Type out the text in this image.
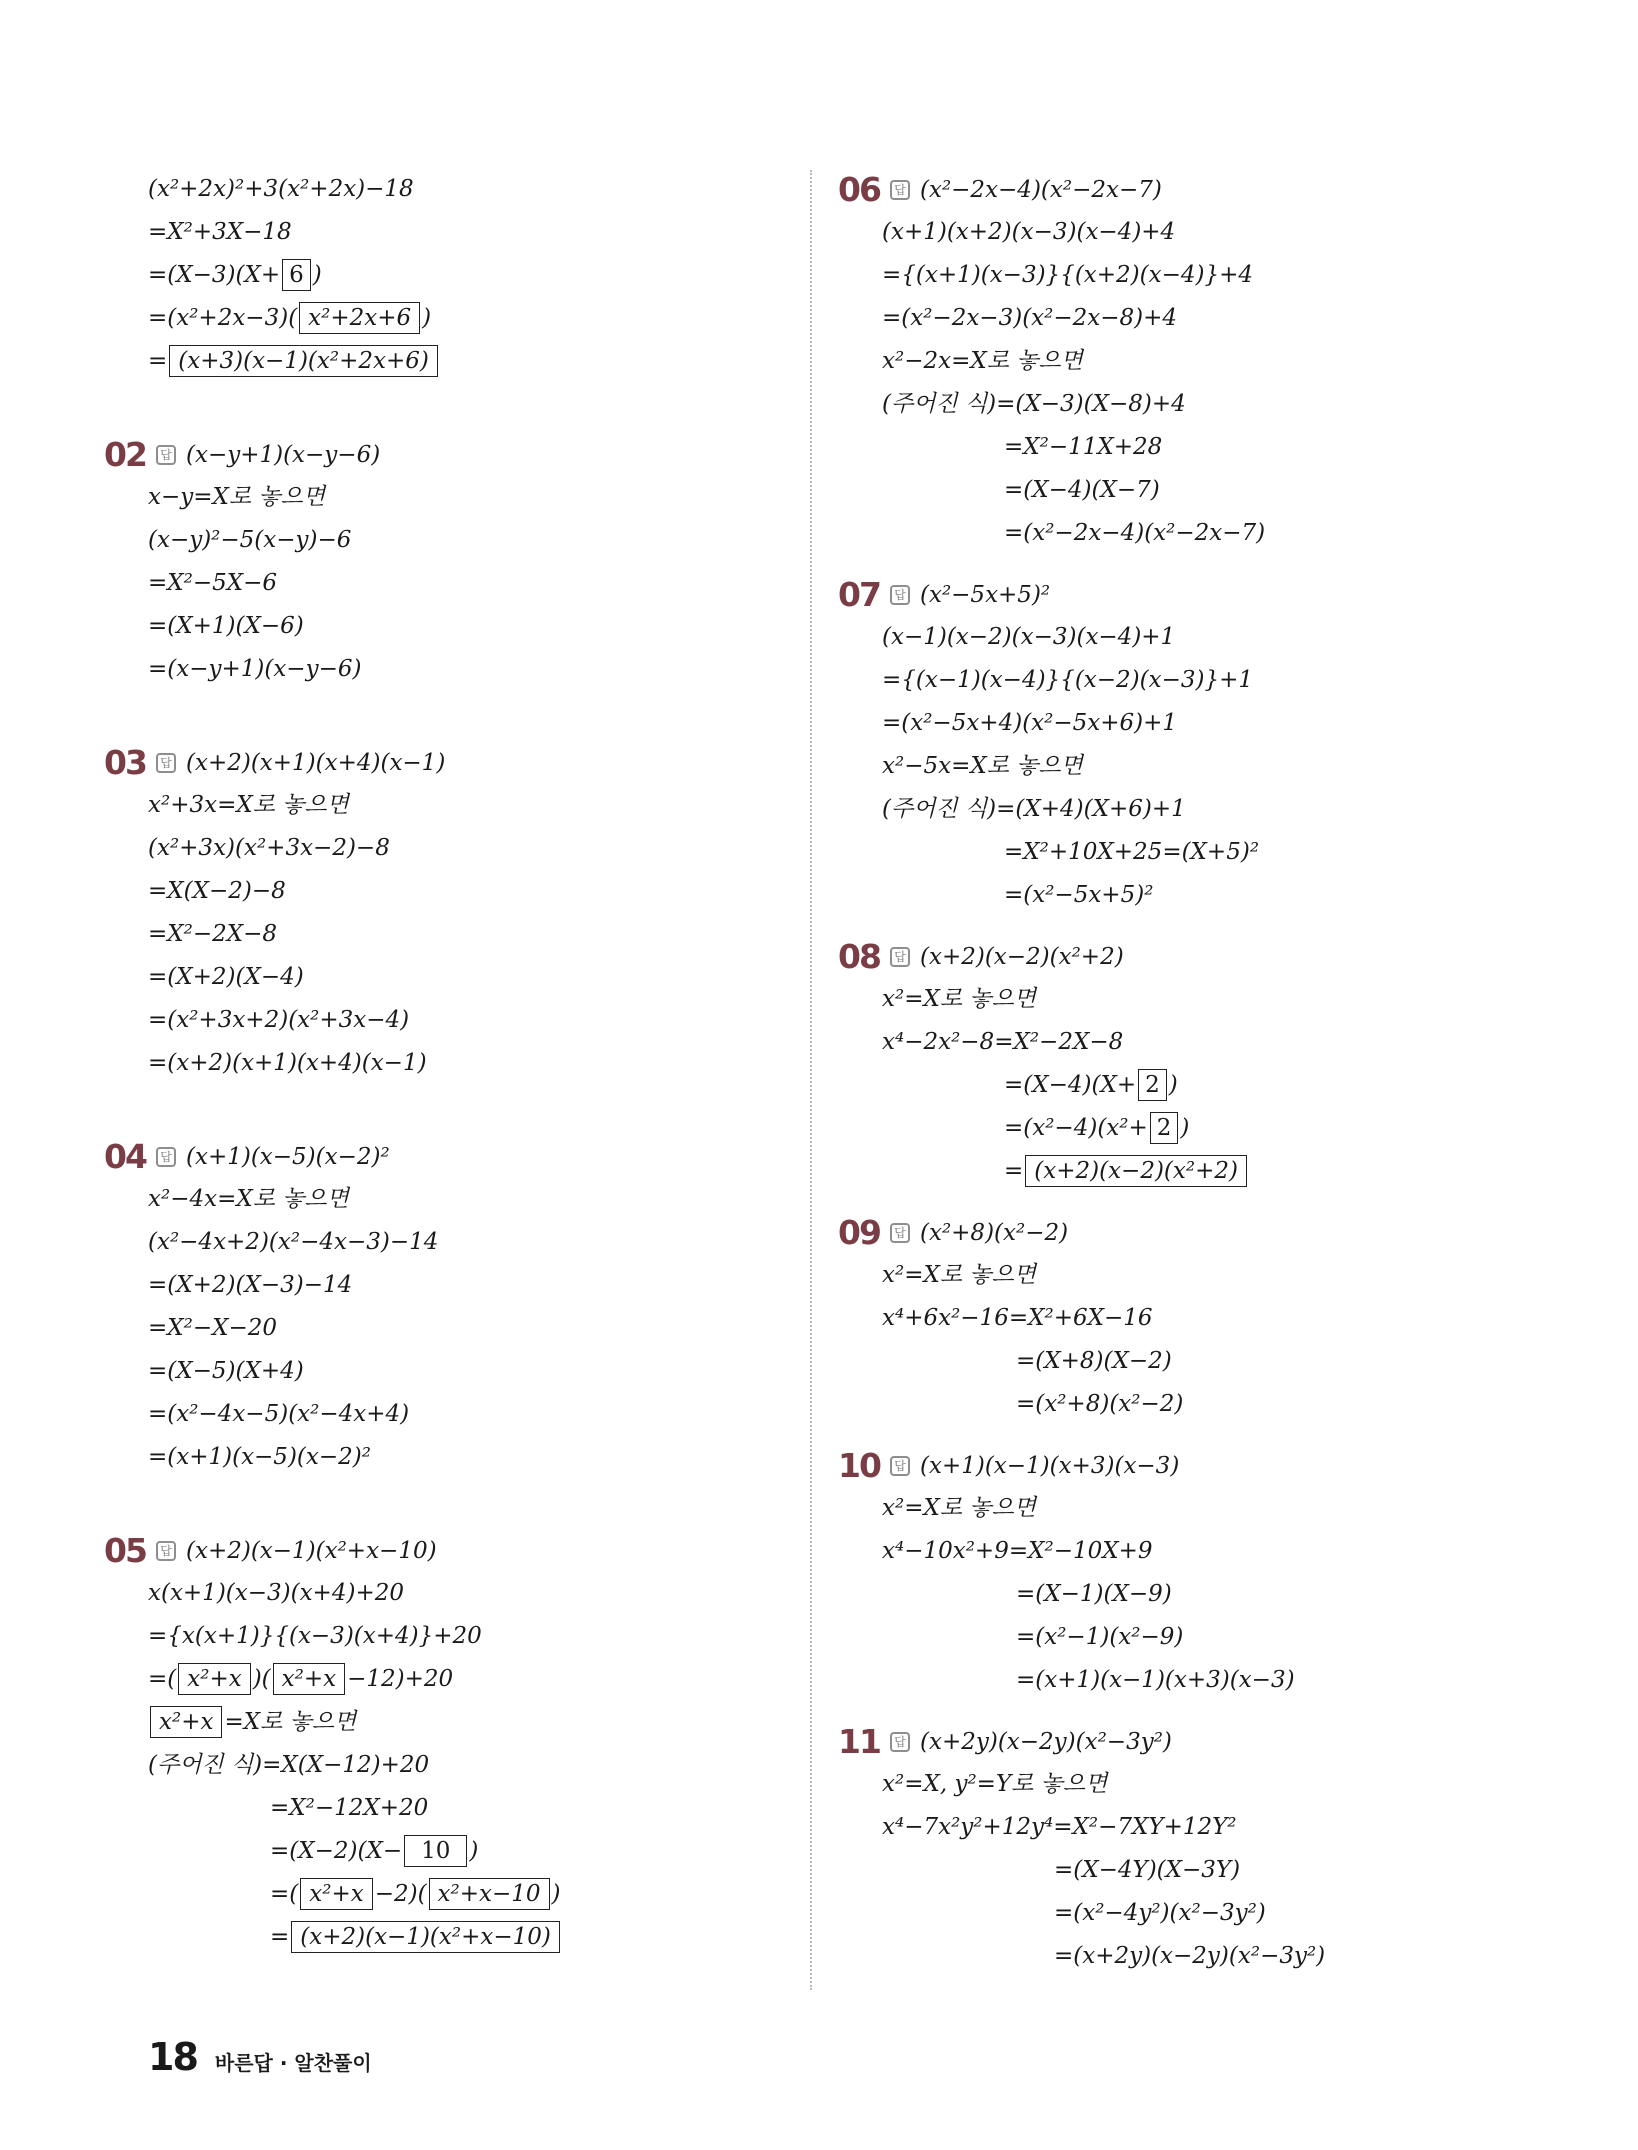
(x²+2x)²+3(x²+2x)−18
=X²+3X−18
=(X−3)(X+ 6 )
=(x²+2x−3)( x²+2x+6 )
= (x+3)(x−1)(x²+2x+6)
02	답 (x−y+1)(x−y−6)
x−y=X로 놓으면
(x−y)²−5(x−y)−6
=X²−5X−6
=(X+1)(X−6)
=(x−y+1)(x−y−6)
03	답 (x+2)(x+1)(x+4)(x−1)
x²+3x=X로 놓으면
(x²+3x)(x²+3x−2)−8
=X(X−2)−8
=X²−2X−8
=(X+2)(X−4)
=(x²+3x+2)(x²+3x−4)
=(x+2)(x+1)(x+4)(x−1)
04	답 (x+1)(x−5)(x−2)²
x²−4x=X로 놓으면
(x²−4x+2)(x²−4x−3)−14
=(X+2)(X−3)−14
=X²−X−20
=(X−5)(X+4)
=(x²−4x−5)(x²−4x+4)
=(x+1)(x−5)(x−2)²
05	답 (x+2)(x−1)(x²+x−10)
x(x+1)(x−3)(x+4)+20
={x(x+1)}{(x−3)(x+4)}+20
=( x²+x )( x²+x −12)+20
x²+x =X로 놓으면
(주어진 식)=X(X−12)+20
=X²−12X+20
=(X−2)(X− 10 )
=( x²+x −2)( x²+x−10 )
= (x+2)(x−1)(x²+x−10)
06	답 (x²−2x−4)(x²−2x−7)
(x+1)(x+2)(x−3)(x−4)+4
={(x+1)(x−3)}{(x+2)(x−4)}+4
=(x²−2x−3)(x²−2x−8)+4
x²−2x=X로 놓으면
(주어진 식)=(X−3)(X−8)+4
=X²−11X+28
=(X−4)(X−7)
=(x²−2x−4)(x²−2x−7)
07	답 (x²−5x+5)²
(x−1)(x−2)(x−3)(x−4)+1
={(x−1)(x−4)}{(x−2)(x−3)}+1
=(x²−5x+4)(x²−5x+6)+1
x²−5x=X로 놓으면
(주어진 식)=(X+4)(X+6)+1
=X²+10X+25=(X+5)²
=(x²−5x+5)²
08	답 (x+2)(x−2)(x²+2)
x²=X로 놓으면
x⁴−2x²−8=X²−2X−8
=(X−4)(X+ 2 )
=(x²−4)(x²+ 2 )
= (x+2)(x−2)(x²+2)
09	답 (x²+8)(x²−2)
x²=X로 놓으면
x⁴+6x²−16=X²+6X−16
=(X+8)(X−2)
=(x²+8)(x²−2)
10	답 (x+1)(x−1)(x+3)(x−3)
x²=X로 놓으면
x⁴−10x²+9=X²−10X+9
=(X−1)(X−9)
=(x²−1)(x²−9)
=(x+1)(x−1)(x+3)(x−3)
11	답 (x+2y)(x−2y)(x²−3y²)
x²=X, y²=Y로 놓으면
x⁴−7x²y²+12y⁴=X²−7XY+12Y²
=(X−4Y)(X−3Y)
=(x²−4y²)(x²−3y²)
=(x+2y)(x−2y)(x²−3y²)
18 바른답 · 알찬풀이
